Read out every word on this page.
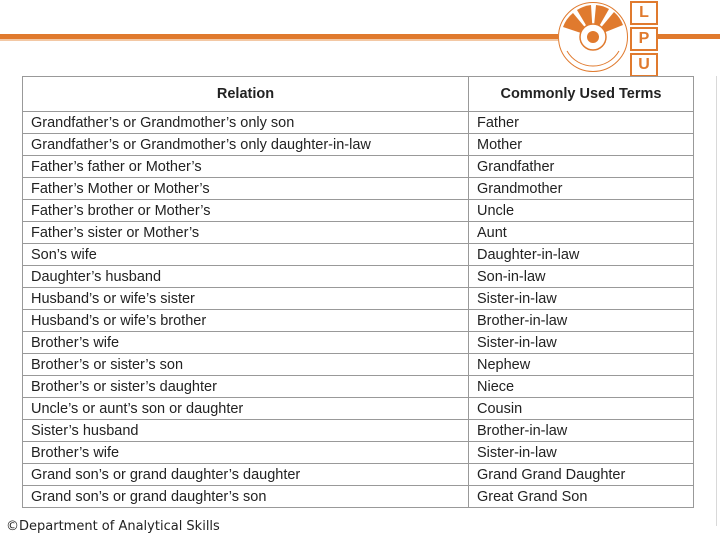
L
P
U
Relation	Commonly Used Terms
Grandfather’s or Grandmother’s only son	Father
Grandfather’s or Grandmother’s only daughter-in-law	Mother
Father’s father or Mother’s	Grandfather
Father’s Mother or Mother’s	Grandmother
Father’s brother or Mother’s	Uncle
Father’s sister or Mother’s	Aunt
Son’s wife	Daughter-in-law
Daughter’s husband	Son-in-law
Husband’s or wife’s sister	Sister-in-law
Husband’s or wife’s brother	Brother-in-law
Brother’s wife	Sister-in-law
Brother’s or sister’s son	Nephew
Brother’s or sister’s daughter	Niece
Uncle’s or aunt’s son or daughter	Cousin
Sister’s husband	Brother-in-law
Brother’s wife	Sister-in-law
Grand son’s or grand daughter’s daughter	Grand Grand Daughter
Grand son’s or grand daughter’s son	Great Grand Son
©Department of Analytical Skills
